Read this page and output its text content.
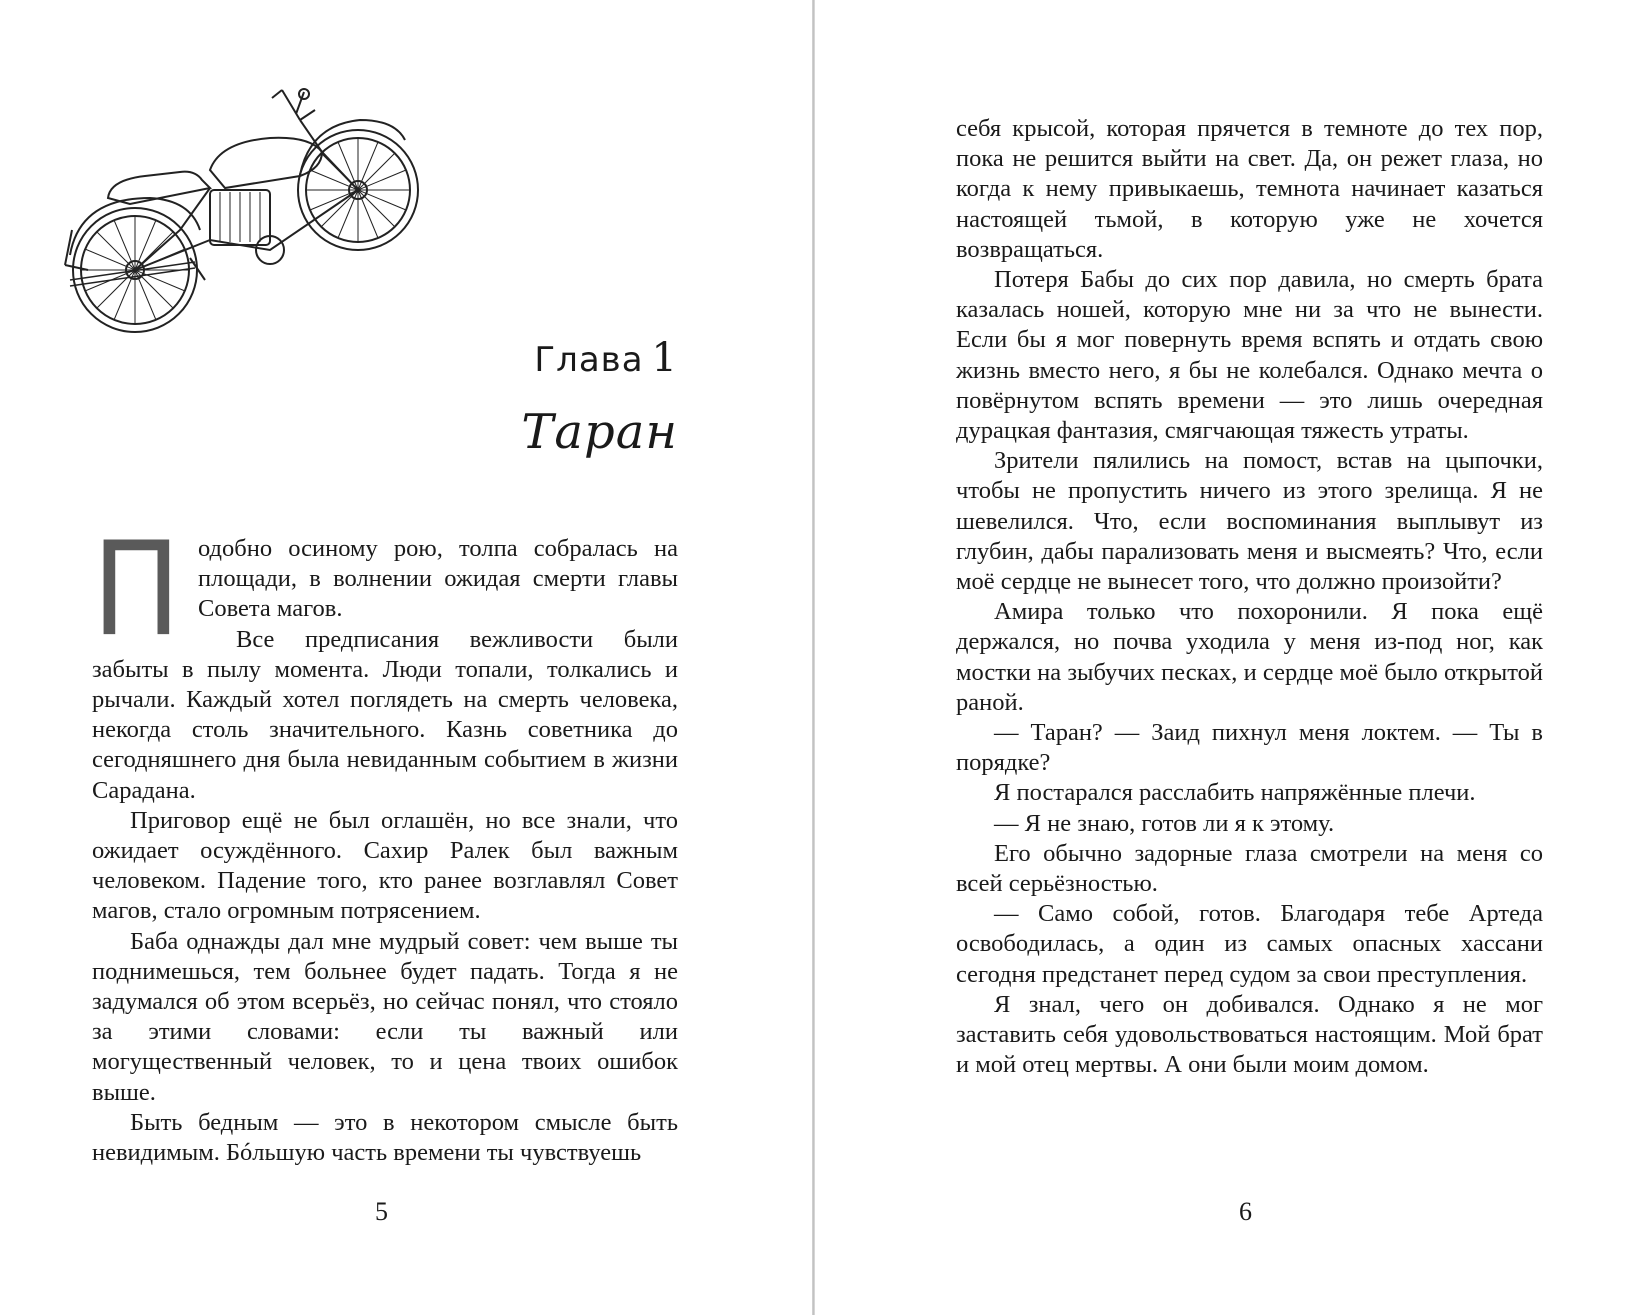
Глава 1
Таран

Подобно осиному рою, толпа собралась на площади, в волнении ожидая смерти главы Совета магов.

Все предписания вежливости были забыты в пылу момента. Люди топали, толкались и рычали. Каждый хотел поглядеть на смерть человека, некогда столь значительного. Казнь советника до сегодняшнего дня была невиданным событием в жизни Сарадана.

Приговор ещё не был оглашён, но все знали, что ожидает осуждённого. Сахир Ралек был важным человеком. Падение того, кто ранее возглавлял Совет магов, стало огромным потрясением.

Баба однажды дал мне мудрый совет: чем выше ты поднимешься, тем больнее будет падать. Тогда я не задумался об этом всерьёз, но сейчас понял, что стояло за этими словами: если ты важный или могущественный человек, то и цена твоих ошибок выше.

Быть бедным — это в некотором смысле быть невидимым. Бóльшую часть времени ты чувствуешь

5

себя крысой, которая прячется в темноте до тех пор, пока не решится выйти на свет. Да, он режет глаза, но когда к нему привыкаешь, темнота начинает казаться настоящей тьмой, в которую уже не хочется возвращаться.

Потеря Бабы до сих пор давила, но смерть брата казалась ношей, которую мне ни за что не вынести. Если бы я мог повернуть время вспять и отдать свою жизнь вместо него, я бы не колебался. Однако мечта о повёрнутом вспять времени — это лишь очередная дурацкая фантазия, смягчающая тяжесть утраты.

Зрители пялились на помост, встав на цыпочки, чтобы не пропустить ничего из этого зрелища. Я не шевелился. Что, если воспоминания выплывут из глубин, дабы парализовать меня и высмеять? Что, если моё сердце не вынесет того, что должно произойти?

Амира только что похоронили. Я пока ещё держался, но почва уходила у меня из-под ног, как мостки на зыбучих песках, и сердце моё было открытой раной.

— Таран? — Заид пихнул меня локтем. — Ты в порядке?

Я постарался расслабить напряжённые плечи.

— Я не знаю, готов ли я к этому.

Его обычно задорные глаза смотрели на меня со всей серьёзностью.

— Само собой, готов. Благодаря тебе Артеда освободилась, а один из самых опасных хассани сегодня предстанет перед судом за свои преступления.

Я знал, чего он добивался. Однако я не мог заставить себя удовольствоваться настоящим. Мой брат и мой отец мертвы. А они были моим домом.

6
